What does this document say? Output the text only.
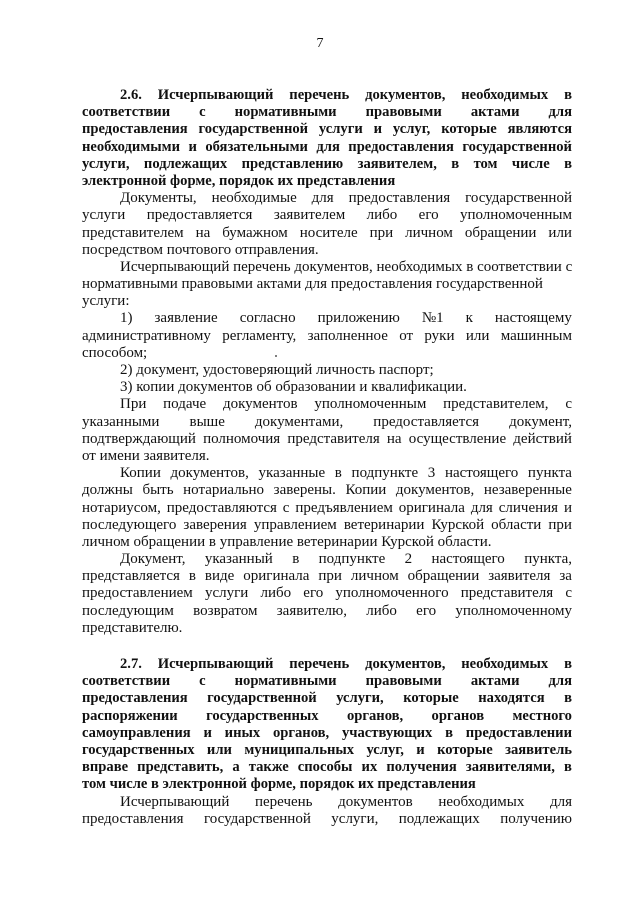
7
2.6. Исчерпывающий перечень документов, необходимых в
соответствии с нормативными правовыми актами для
предоставления государственной услуги и услуг, которые являются
необходимыми и обязательными для предоставления государственной
услуги, подлежащих представлению заявителем, в том числе в
электронной форме, порядок их представления
Документы, необходимые для предоставления государственной
услуги предоставляется заявителем либо его уполномоченным
представителем на бумажном носителе при личном обращении или
посредством почтового отправления.
Исчерпывающий перечень документов, необходимых в соответствии с
нормативными правовыми актами для предоставления государственной
услуги:
1) заявление согласно приложению №1 к настоящему
административному регламенту, заполненное от руки или машинным
способом;
2) документ, удостоверяющий личность паспорт;
3) копии документов об образовании и квалификации.
При подаче документов уполномоченным представителем, с
указанными выше документами, предоставляется документ,
подтверждающий полномочия представителя на осуществление действий
от имени заявителя.
Копии документов, указанные в подпункте 3 настоящего пункта
должны быть нотариально заверены. Копии документов, незаверенные
нотариусом, предоставляются с предъявлением оригинала для сличения и
последующего заверения управлением ветеринарии Курской области при
личном обращении в управление ветеринарии Курской области.
Документ, указанный в подпункте 2 настоящего пункта,
представляется в виде оригинала при личном обращении заявителя за
предоставлением услуги либо его уполномоченного представителя с
последующим возвратом заявителю, либо его уполномоченному
представителю.
2.7. Исчерпывающий перечень документов, необходимых в
соответствии с нормативными правовыми актами для
предоставления государственной услуги, которые находятся в
распоряжении государственных органов, органов местного
самоуправления и иных органов, участвующих в предоставлении
государственных или муниципальных услуг, и которые заявитель
вправе представить, а также способы их получения заявителями, в
том числе в электронной форме, порядок их представления
Исчерпывающий перечень документов необходимых для
предоставления государственной услуги, подлежащих получению
